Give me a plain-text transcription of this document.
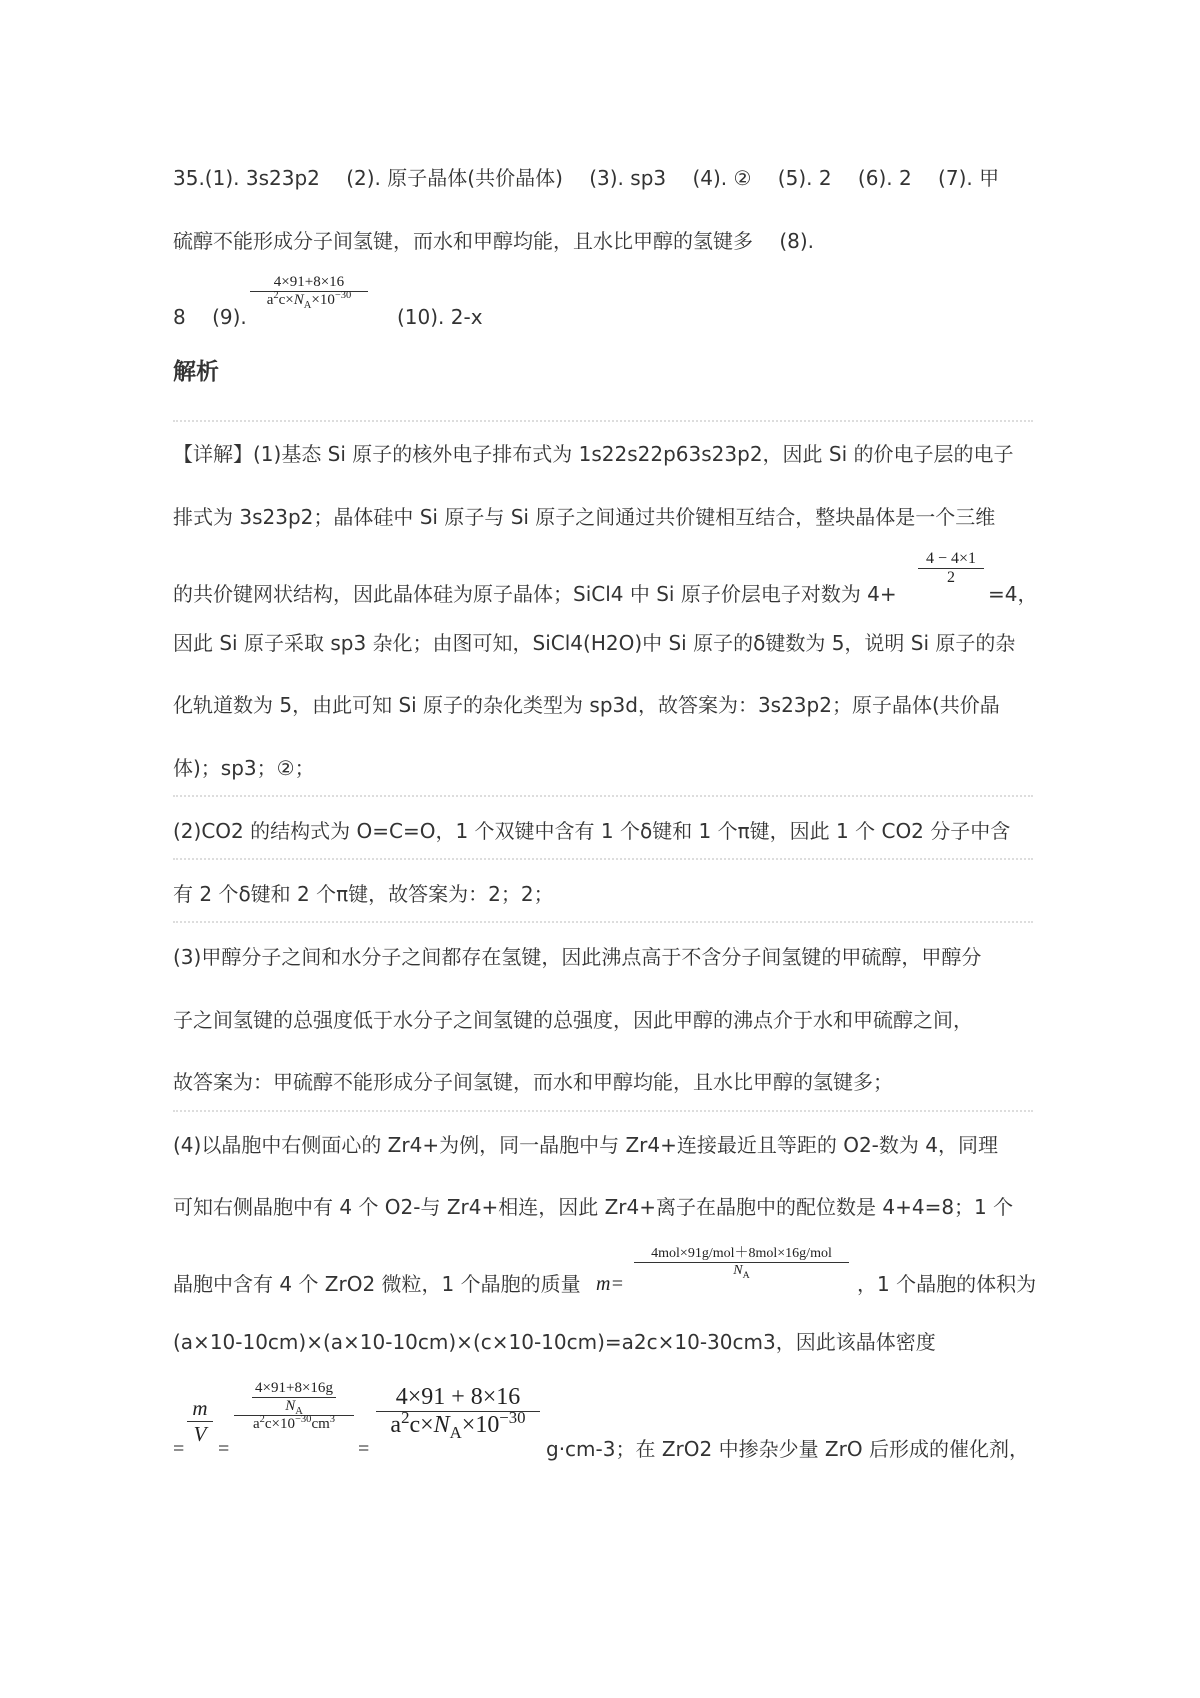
35.(1). 3s23p2　 (2). 原子晶体(共价晶体)　 (3). sp3　 (4). ②　 (5). 2　 (6). 2　 (7). 甲
硫醇不能形成分子间氢键，而水和甲醇均能，且水比甲醇的氢键多　 (8).
8　 (9).
4×91+8×16
$a^2c\times N_A\times 10^{-30}$
(10). 2-x
解析
【详解】(1)基态 Si 原子的核外电子排布式为 1s22s22p63s23p2，因此 Si 的价电子层的电子
排式为 3s23p2；晶体硅中 Si 原子与 Si 原子之间通过共价键相互结合，整块晶体是一个三维
的共价键网状结构，因此晶体硅为原子晶体；SiCl4 中 Si 原子价层电子对数为 4+
4 − 4×1
2
=4，
因此 Si 原子采取 sp3 杂化；由图可知，SiCl4(H2O)中 Si 原子的δ键数为 5，说明 Si 原子的杂
化轨道数为 5，由此可知 Si 原子的杂化类型为 sp3d，故答案为：3s23p2；原子晶体(共价晶
体)；sp3；②；
(2)CO2 的结构式为 O=C=O，1 个双键中含有 1 个δ键和 1 个π键，因此 1 个 CO2 分子中含
有 2 个δ键和 2 个π键，故答案为：2；2；
(3)甲醇分子之间和水分子之间都存在氢键，因此沸点高于不含分子间氢键的甲硫醇，甲醇分
子之间氢键的总强度低于水分子之间氢键的总强度，因此甲醇的沸点介于水和甲硫醇之间，
故答案为：甲硫醇不能形成分子间氢键，而水和甲醇均能，且水比甲醇的氢键多；
(4)以晶胞中右侧面心的 Zr4+为例，同一晶胞中与 Zr4+连接最近且等距的 O2-数为 4，同理
可知右侧晶胞中有 4 个 O2-与 Zr4+相连，因此 Zr4+离子在晶胞中的配位数是 4+4=8；1 个
晶胞中含有 4 个 ZrO2 微粒，1 个晶胞的质量 m=
4mol×91g/mol＋8mol×16g/mol
$N_A$	，1 个晶胞的体积为
(a×10-10cm)×(a×10-10cm)×(c×10-10cm)=a2c×10-30cm3，因此该晶体密度
=
m
V
=
4×91+8×16g
$N_A$
$a^2c\times 10^{-30}cm^3$
=
4×91 + 8×16
$a^2c\times N_A\times 10^{-30}$
g·cm-3；在 ZrO2 中掺杂少量 ZrO 后形成的催化剂，
